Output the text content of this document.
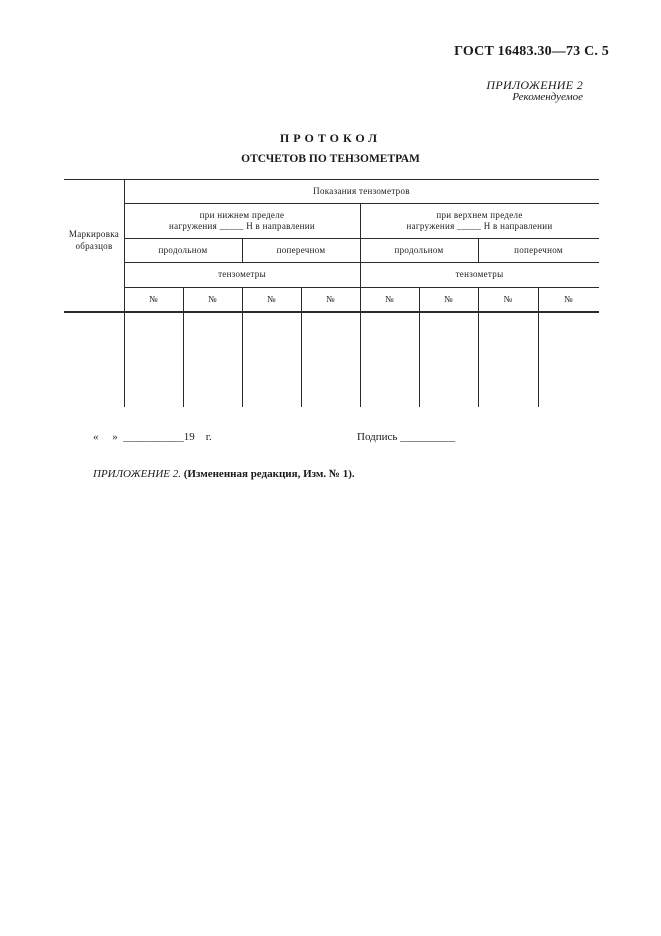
ГОСТ 16483.30—73 С. 5
ПРИЛОЖЕНИЕ 2
Рекомендуемое
ПРОТОКОЛ
ОТСЧЕТОВ ПО ТЕНЗОМЕТРАМ
Маркировка образцов
Показания тензометров
при нижнем пределе
нагружения _____ Н в направлении
при верхнем пределе
нагружения _____ Н в направлении
продольном	поперечном	продольном	поперечном
тензометры	тензометры
№	№	№	№	№	№	№	№
«     »  ___________19    г.	Подпись __________
ПРИЛОЖЕНИЕ 2. (Измененная редакция, Изм. № 1).
